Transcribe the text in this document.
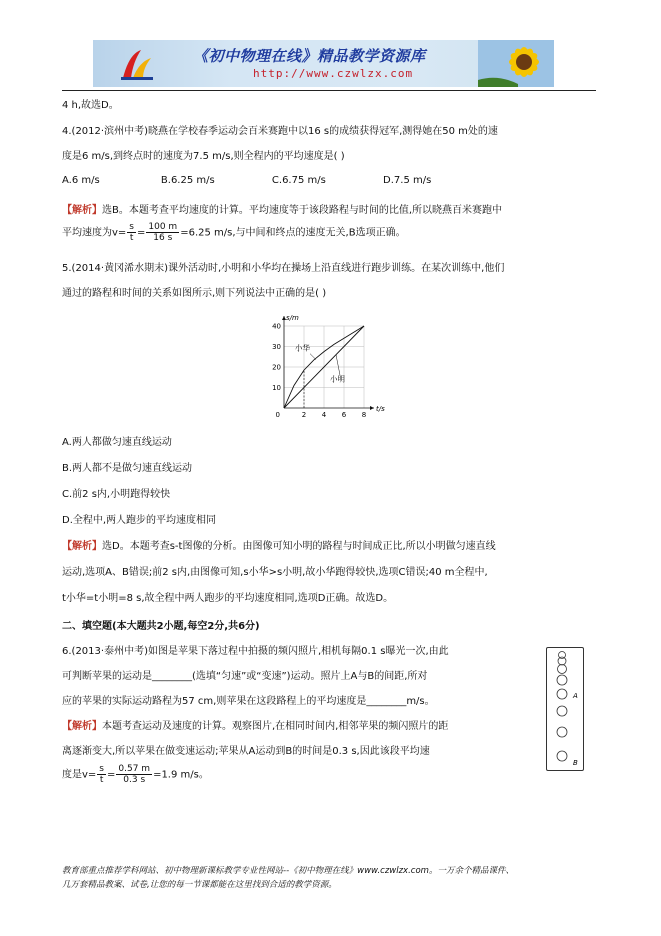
《初中物理在线》精品教学资源库
http://www.czwlzx.com
4 h,故选D。
4.(2012·滨州中考)晓燕在学校春季运动会百米赛跑中以16 s的成绩获得冠军,测得她在50 m处的速
度是6 m/s,到终点时的速度为7.5 m/s,则全程内的平均速度是( )
A.6 m/s	B.6.25 m/s	C.6.75 m/s	D.7.5 m/s
【解析】选B。本题考查平均速度的计算。平均速度等于该段路程与时间的比值,所以晓燕百米赛跑中
平均速度为$v= \frac{s}{t} = \frac{100 m}{16 s} =6.25$ m/s,与中间和终点的速度无关,B选项正确。
5.(2014·黄冈浠水期末)课外活动时,小明和小华均在操场上沿直线进行跑步训练。在某次训练中,他们
通过的路程和时间的关系如图所示,则下列说法中正确的是( )
2 4 6 8
10
20
30
40
0
s/m
t/s
小华
小明
A.两人都做匀速直线运动
B.两人都不是做匀速直线运动
C.前2 s内,小明跑得较快
D.全程中,两人跑步的平均速度相同
【解析】选D。本题考查s-t图像的分析。由图像可知小明的路程与时间成正比,所以小明做匀速直线
运动,选项A、B错误;前2 s内,由图像可知,s小华>s小明,故小华跑得较快,选项C错误;40 m全程中,
t小华=t小明=8 s,故全程中两人跑步的平均速度相同,选项D正确。故选D。
二、填空题(本大题共2小题,每空2分,共6分)
6.(2013·泰州中考)如图是苹果下落过程中拍摄的频闪照片,相机每隔0.1 s曝光一次,由此
可判断苹果的运动是________(选填“匀速”或“变速”)运动。照片上A与B的间距,所对
应的苹果的实际运动路程为57 cm,则苹果在这段路程上的平均速度是________m/s。
【解析】本题考查运动及速度的计算。观察图片,在相同时间内,相邻苹果的频闪照片的距
离逐渐变大,所以苹果在做变速运动;苹果从A运动到B的时间是0.3 s,因此该段平均速
度是$v= \frac{s}{t} = \frac{0.57 m}{0.3 s} =1.9$ m/s。
A
B
教育部重点推荐学科网站、初中物理新课标教学专业性网站--《初中物理在线》www.czwlzx.com。一万余个精品课件、
几万套精品教案、试卷,让您的每一节课都能在这里找到合适的教学资源。
